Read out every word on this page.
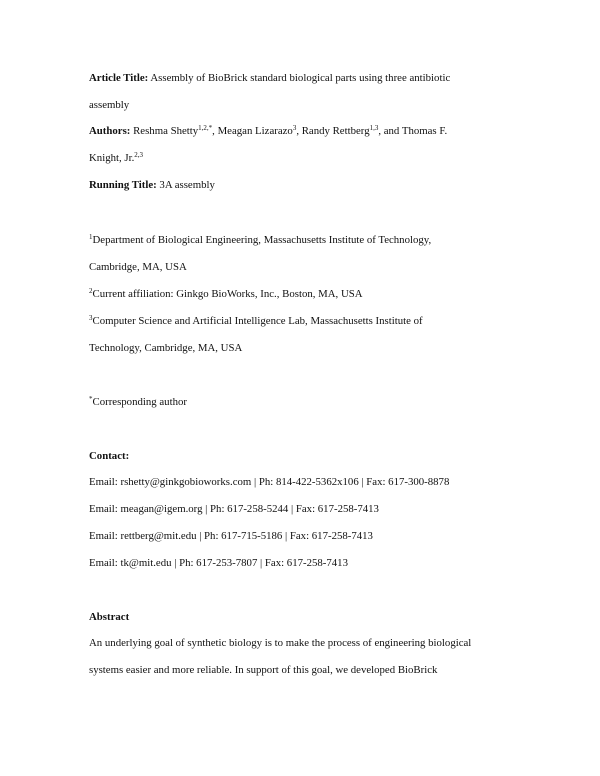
Article Title: Assembly of BioBrick standard biological parts using three antibiotic
assembly
Authors: Reshma Shetty$^{1,2,*}$, Meagan Lizarazo$^3$, Randy Rettberg$^{1,3}$, and Thomas F.
Knight, Jr.$^{2,3}$
Running Title: 3A assembly
$^1$Department of Biological Engineering, Massachusetts Institute of Technology,
Cambridge, MA, USA
$^2$Current affiliation: Ginkgo BioWorks, Inc., Boston, MA, USA
$^3$Computer Science and Artificial Intelligence Lab, Massachusetts Institute of
Technology, Cambridge, MA, USA
*Corresponding author
Contact:
Email: rshetty@ginkgobioworks.com | Ph: 814-422-5362x106 | Fax: 617-300-8878
Email: meagan@igem.org | Ph: 617-258-5244 | Fax: 617-258-7413
Email: rettberg@mit.edu | Ph: 617-715-5186 | Fax: 617-258-7413
Email: tk@mit.edu | Ph: 617-253-7807 | Fax: 617-258-7413
Abstract
An underlying goal of synthetic biology is to make the process of engineering biological
systems easier and more reliable. In support of this goal, we developed BioBrick
